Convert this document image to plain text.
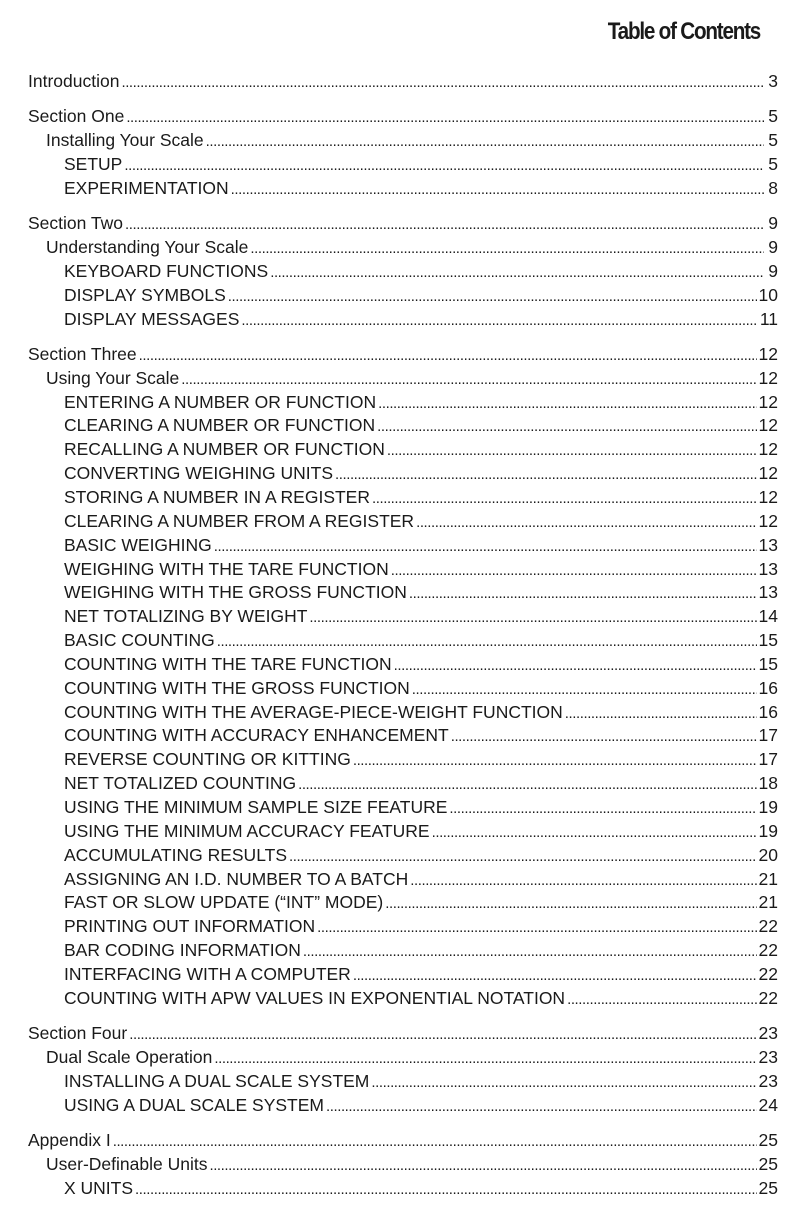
Table of Contents
Introduction . . .	3
Section One . . .	5
Installing Your Scale . . .	5
SETUP . . .	5
EXPERIMENTATION . . .	8
Section Two . . .	9
Understanding Your Scale . . .	9
KEYBOARD FUNCTIONS . . .	9
DISPLAY SYMBOLS . . .	10
DISPLAY MESSAGES . . .	11
Section Three . . .	12
Using Your Scale . . .	12
ENTERING A NUMBER OR FUNCTION . . .	12
CLEARING A NUMBER OR FUNCTION . . .	12
RECALLING A NUMBER OR FUNCTION . . .	12
CONVERTING WEIGHING UNITS . . .	12
STORING A NUMBER IN A REGISTER . . .	12
CLEARING A NUMBER FROM A REGISTER . . .	12
BASIC WEIGHING . . .	13
WEIGHING WITH THE TARE FUNCTION . . .	13
WEIGHING WITH THE GROSS FUNCTION . . .	13
NET TOTALIZING BY WEIGHT . . .	14
BASIC COUNTING . . .	15
COUNTING WITH THE TARE FUNCTION . . .	15
COUNTING WITH THE GROSS FUNCTION . . .	16
COUNTING WITH THE AVERAGE-PIECE-WEIGHT FUNCTION . . .	16
COUNTING WITH ACCURACY ENHANCEMENT . . .	17
REVERSE COUNTING OR KITTING . . .	17
NET TOTALIZED COUNTING . . .	18
USING THE MINIMUM SAMPLE SIZE FEATURE . . .	19
USING THE MINIMUM ACCURACY FEATURE . . .	19
ACCUMULATING RESULTS . . .	20
ASSIGNING AN I.D. NUMBER TO A BATCH . . .	21
FAST OR SLOW UPDATE (“INT” MODE) . . .	21
PRINTING OUT INFORMATION . . .	22
BAR CODING INFORMATION . . .	22
INTERFACING WITH A COMPUTER . . .	22
COUNTING WITH APW VALUES IN EXPONENTIAL NOTATION . . .	22
Section Four . . .	23
Dual Scale Operation . . .	23
INSTALLING A DUAL SCALE SYSTEM . . .	23
USING A DUAL SCALE SYSTEM . . .	24
Appendix I . . .	25
User-Definable Units . . .	25
X UNITS . . .	25
